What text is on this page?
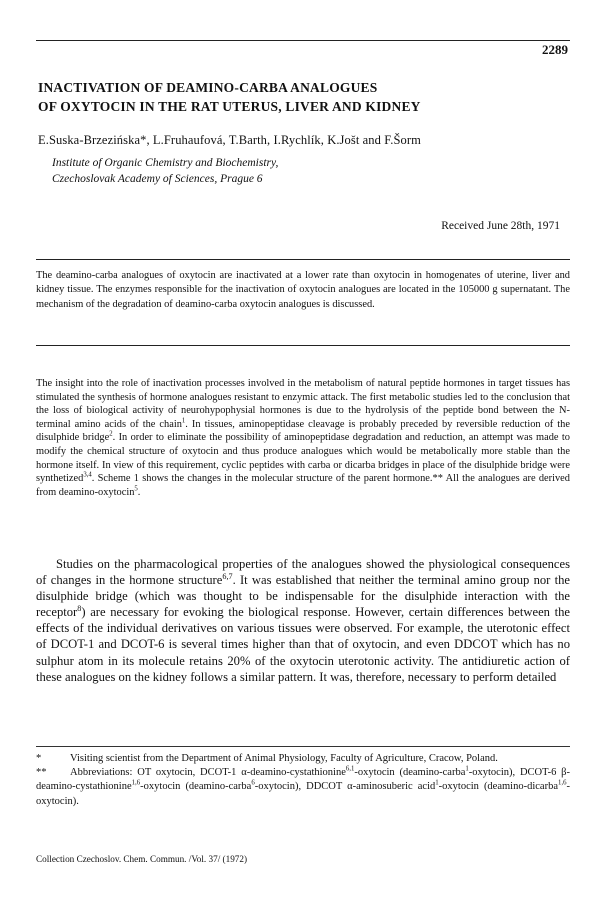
2289
INACTIVATION OF DEAMINO-CARBA ANALOGUES
OF OXYTOCIN IN THE RAT UTERUS, LIVER AND KIDNEY
E.Suska-Brzezińska*, L.Fruhaufová, T.Barth, I.Rychlík, K.Jošt and F.Šorm
Institute of Organic Chemistry and Biochemistry,
Czechoslovak Academy of Sciences, Prague 6
Received June 28th, 1971

The deamino-carba analogues of oxytocin are inactivated at a lower rate than oxytocin in homogenates of uterine, liver and kidney tissue. The enzymes responsible for the inactivation of oxytocin analogues are located in the 105000 g supernatant. The mechanism of the degradation of deamino-carba oxytocin analogues is discussed.

The insight into the role of inactivation processes involved in the metabolism of natural peptide hormones in target tissues has stimulated the synthesis of hormone analogues resistant to enzymic attack. The first metabolic studies led to the conclusion that the loss of biological activity of neurohypophysial hormones is due to the hydrolysis of the peptide bond between the N-terminal amino acids of the chain$^1$. In tissues, aminopeptidase cleavage is probably preceded by reversible reduction of the disulphide bridge$^2$. In order to eliminate the possibility of aminopeptidase degradation and reduction, an attempt was made to modify the chemical structure of oxytocin and thus produce analogues which would be metabolically more stable than the hormone itself. In view of this requirement, cyclic peptides with carba or dicarba bridges in place of the disulphide bridge were synthetized$^{3,4}$. Scheme 1 shows the changes in the molecular structure of the parent hormone.** All the analogues are derived from deamino-oxytocin$^5$.

Studies on the pharmacological properties of the analogues showed the physiological consequences of changes in the hormone structure$^{6,7}$. It was established that neither the terminal amino group nor the disulphide bridge (which was thought to be indispensable for the disulphide interaction with the receptor$^8$) are necessary for evoking the biological response. However, certain differences between the effects of the individual derivatives on various tissues were observed. For example, the uterotonic effect of DCOT-1 and DCOT-6 is several times higher than that of oxytocin, and even DDCOT which has no sulphur atom in its molecule retains 20% of the oxytocin uterotonic activity. The antidiuretic action of these analogues on the kidney follows a similar pattern. It was, therefore, necessary to perform detailed

*	Visiting scientist from the Department of Animal Physiology, Faculty of Agriculture, Cracow, Poland.

** Abbreviations: OT oxytocin, DCOT-1 α-deamino-cystathionine$^{6,1}$-oxytocin (deamino-carba$^1$-oxytocin), DCOT-6 β-deamino-cystathionine$^{1,6}$-oxytocin (deamino-carba$^6$-oxytocin), DDCOT α-aminosuberic acid$^1$-oxytocin (deamino-dicarba$^{1,6}$-oxytocin).

Collection Czechoslov. Chem. Commun. /Vol. 37/ (1972)
